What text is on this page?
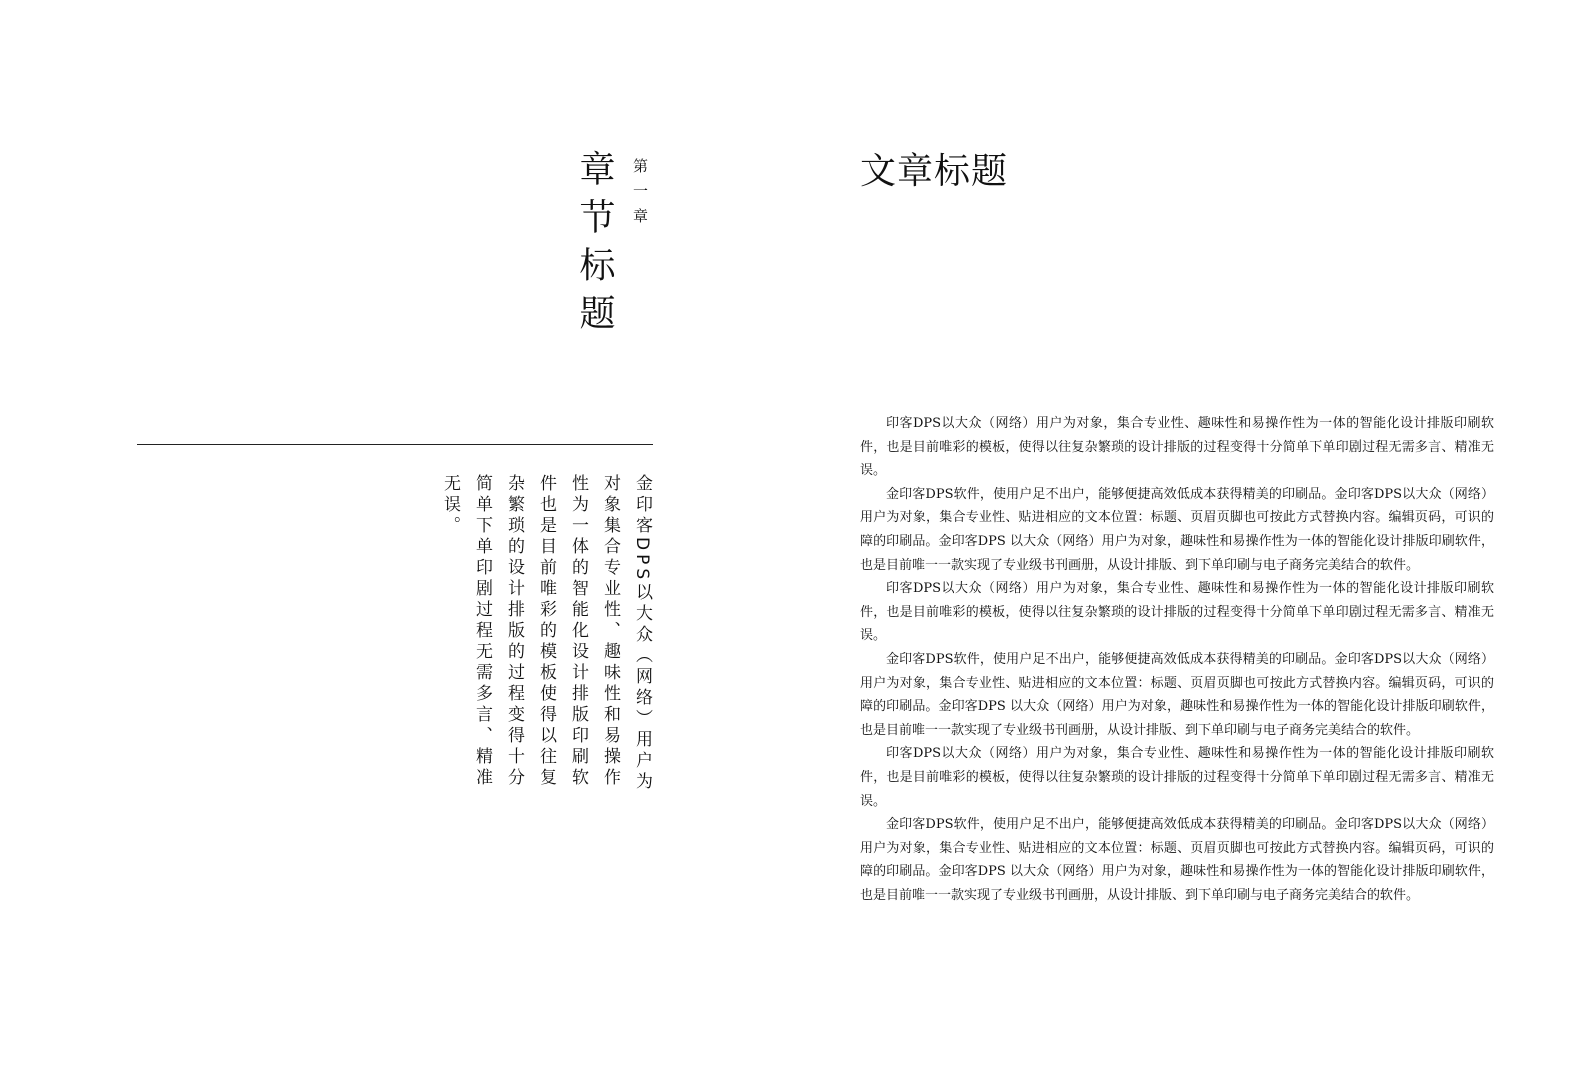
第一章
章节标题
金印客DPS以大众（网络）用户为对象集合专业性、趣味性和易操作性为一体的智能化设计排版印刷软件也是目前唯彩的模板使得以往复杂繁琐的设计排版的过程变得十分简单下单印剧过程无需多言、精准无误。
文章标题

印客DPS以大众（网络）用户为对象，集合专业性、趣味性和易操作性为一体的智能化设计排版印刷软件，也是目前唯彩的模板，使得以往复杂繁琐的设计排版的过程变得十分简单下单印剧过程无需多言、精准无误。

金印客DPS软件，使用户足不出户，能够便捷高效低成本获得精美的印刷品。金印客DPS以大众（网络）用户为对象，集合专业性、贴进相应的文本位置：标题、页眉页脚也可按此方式替换内容。编辑页码，可识的障的印刷品。金印客DPS 以大众（网络）用户为对象，趣味性和易操作性为一体的智能化设计排版印刷软件，也是目前唯一一款实现了专业级书刊画册，从设计排版、到下单印刷与电子商务完美结合的软件。

印客DPS以大众（网络）用户为对象，集合专业性、趣味性和易操作性为一体的智能化设计排版印刷软件，也是目前唯彩的模板，使得以往复杂繁琐的设计排版的过程变得十分简单下单印剧过程无需多言、精准无误。

金印客DPS软件，使用户足不出户，能够便捷高效低成本获得精美的印刷品。金印客DPS以大众（网络）用户为对象，集合专业性、贴进相应的文本位置：标题、页眉页脚也可按此方式替换内容。编辑页码，可识的障的印刷品。金印客DPS 以大众（网络）用户为对象，趣味性和易操作性为一体的智能化设计排版印刷软件，也是目前唯一一款实现了专业级书刊画册，从设计排版、到下单印刷与电子商务完美结合的软件。

印客DPS以大众（网络）用户为对象，集合专业性、趣味性和易操作性为一体的智能化设计排版印刷软件，也是目前唯彩的模板，使得以往复杂繁琐的设计排版的过程变得十分简单下单印剧过程无需多言、精准无误。

金印客DPS软件，使用户足不出户，能够便捷高效低成本获得精美的印刷品。金印客DPS以大众（网络）用户为对象，集合专业性、贴进相应的文本位置：标题、页眉页脚也可按此方式替换内容。编辑页码，可识的障的印刷品。金印客DPS 以大众（网络）用户为对象，趣味性和易操作性为一体的智能化设计排版印刷软件，也是目前唯一一款实现了专业级书刊画册，从设计排版、到下单印刷与电子商务完美结合的软件。
